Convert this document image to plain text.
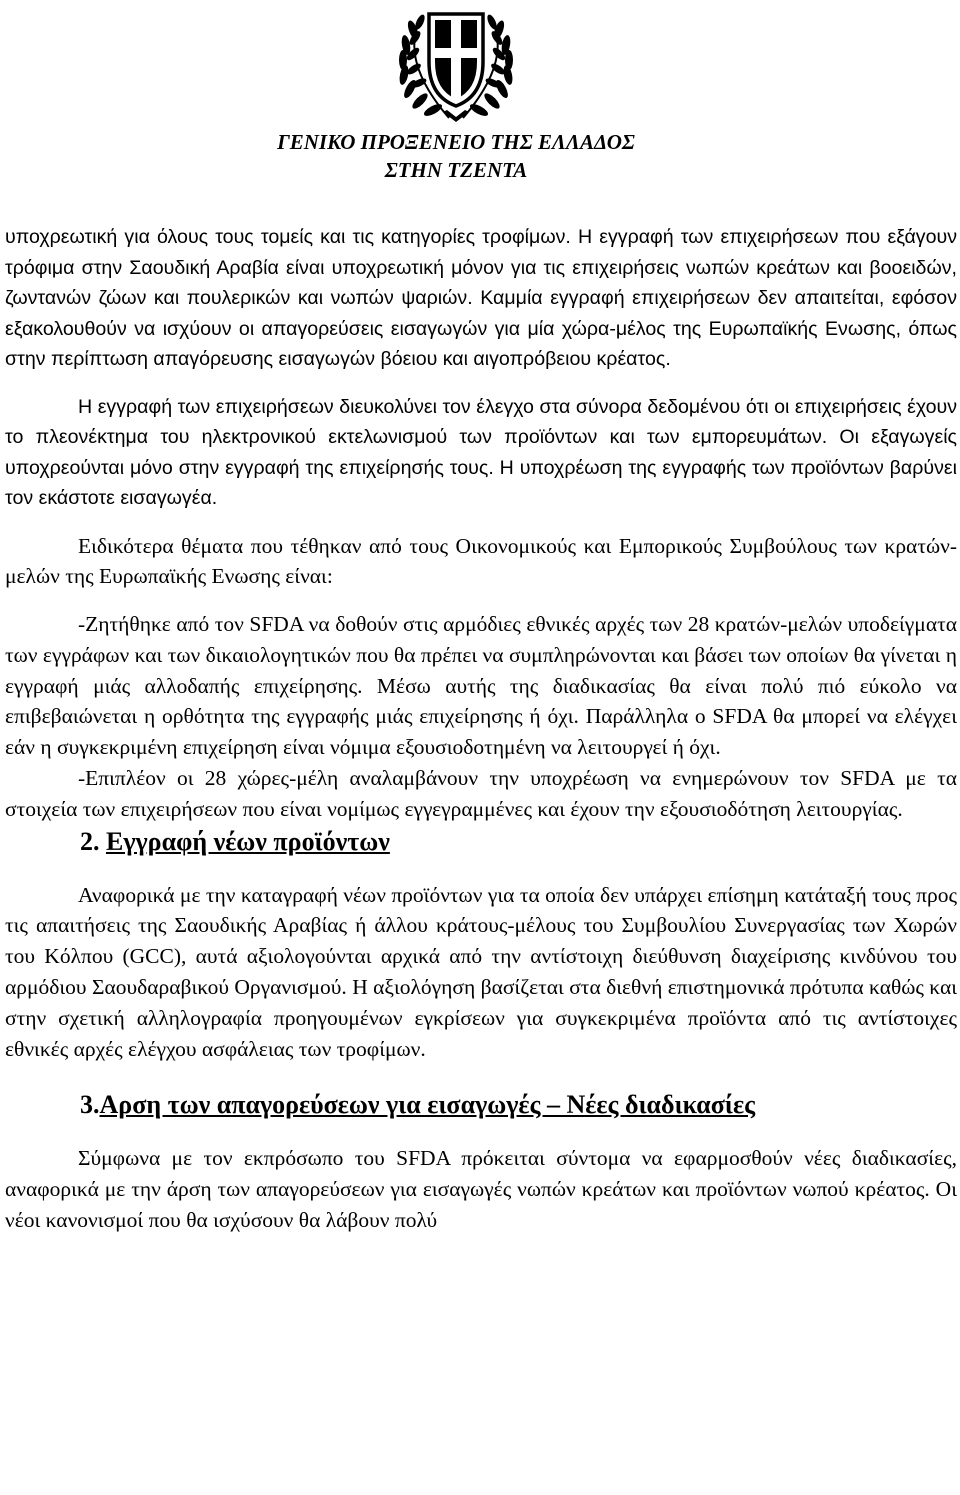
ΓΕΝΙΚΟ ΠΡΟΞΕΝΕΙΟ ΤΗΣ ΕΛΛΑΔΟΣ
ΣΤΗΝ ΤΖΕΝΤΑ

υποχρεωτική για όλους τους τομείς και τις κατηγορίες τροφίμων. Η εγγραφή των επιχειρήσεων που εξάγουν τρόφιμα στην Σαουδική Αραβία είναι υποχρεωτική μόνον για τις επιχειρήσεις νωπών κρεάτων και βοοειδών, ζωντανών ζώων και πουλερικών και νωπών ψαριών. Καμμία εγγραφή επιχειρήσεων δεν απαιτείται, εφόσον εξακολουθούν να ισχύουν οι απαγορεύσεις εισαγωγών για μία χώρα-μέλος της Ευρωπαϊκής Ενωσης, όπως στην περίπτωση απαγόρευσης εισαγωγών βόειου και αιγοπρόβειου κρέατος.

Η εγγραφή των επιχειρήσεων διευκολύνει τον έλεγχο στα σύνορα δεδομένου ότι οι επιχειρήσεις έχουν το πλεονέκτημα του ηλεκτρονικού εκτελωνισμού των προϊόντων και των εμπορευμάτων. Οι εξαγωγείς υποχρεούνται μόνο στην εγγραφή της επιχείρησής τους. Η υποχρέωση της εγγραφής των προϊόντων βαρύνει τον εκάστοτε εισαγωγέα.

Ειδικότερα θέματα που τέθηκαν από τους Οικονομικούς και Εμπορικούς Συμβούλους των κρατών-μελών της Ευρωπαϊκής Ενωσης είναι:

-Ζητήθηκε από τον SFDA να δοθούν στις αρμόδιες εθνικές αρχές των 28 κρατών-μελών υποδείγματα των εγγράφων και των δικαιολογητικών που θα πρέπει να συμπληρώνονται και βάσει των οποίων θα γίνεται η εγγραφή μιάς αλλοδαπής επιχείρησης. Μέσω αυτής της διαδικασίας θα είναι πολύ πιό εύκολο να επιβεβαιώνεται η ορθότητα της εγγραφής μιάς επιχείρησης ή όχι. Παράλληλα ο SFDA θα μπορεί να ελέγχει εάν η συγκεκριμένη επιχείρηση είναι νόμιμα εξουσιοδοτημένη να λειτουργεί ή όχι.

-Επιπλέον οι 28 χώρες-μέλη αναλαμβάνουν την υποχρέωση να ενημερώνουν τον SFDA με τα στοιχεία των επιχειρήσεων που είναι νομίμως εγγεγραμμένες και έχουν την εξουσιοδότηση λειτουργίας.

2. Εγγραφή νέων προϊόντων

Αναφορικά με την καταγραφή νέων προϊόντων για τα οποία δεν υπάρχει επίσημη κατάταξή τους προς τις απαιτήσεις της Σαουδικής Αραβίας ή άλλου κράτους-μέλους του Συμβουλίου Συνεργασίας των Χωρών του Κόλπου (GCC), αυτά αξιολογούνται αρχικά από την αντίστοιχη διεύθυνση διαχείρισης κινδύνου του αρμόδιου Σαουδαραβικού Οργανισμού. Η αξιολόγηση βασίζεται στα διεθνή επιστημονικά πρότυπα καθώς και στην σχετική αλληλογραφία προηγουμένων εγκρίσεων για συγκεκριμένα προϊόντα από τις αντίστοιχες εθνικές αρχές ελέγχου ασφάλειας των τροφίμων.

3.Αρση των απαγορεύσεων για εισαγωγές – Νέες διαδικασίες

Σύμφωνα με τον εκπρόσωπο του SFDA πρόκειται σύντομα να εφαρμοσθούν νέες διαδικασίες, αναφορικά με την άρση των απαγορεύσεων για εισαγωγές νωπών κρεάτων και προϊόντων νωπού κρέατος. Οι νέοι κανονισμοί που θα ισχύσουν θα λάβουν πολύ
